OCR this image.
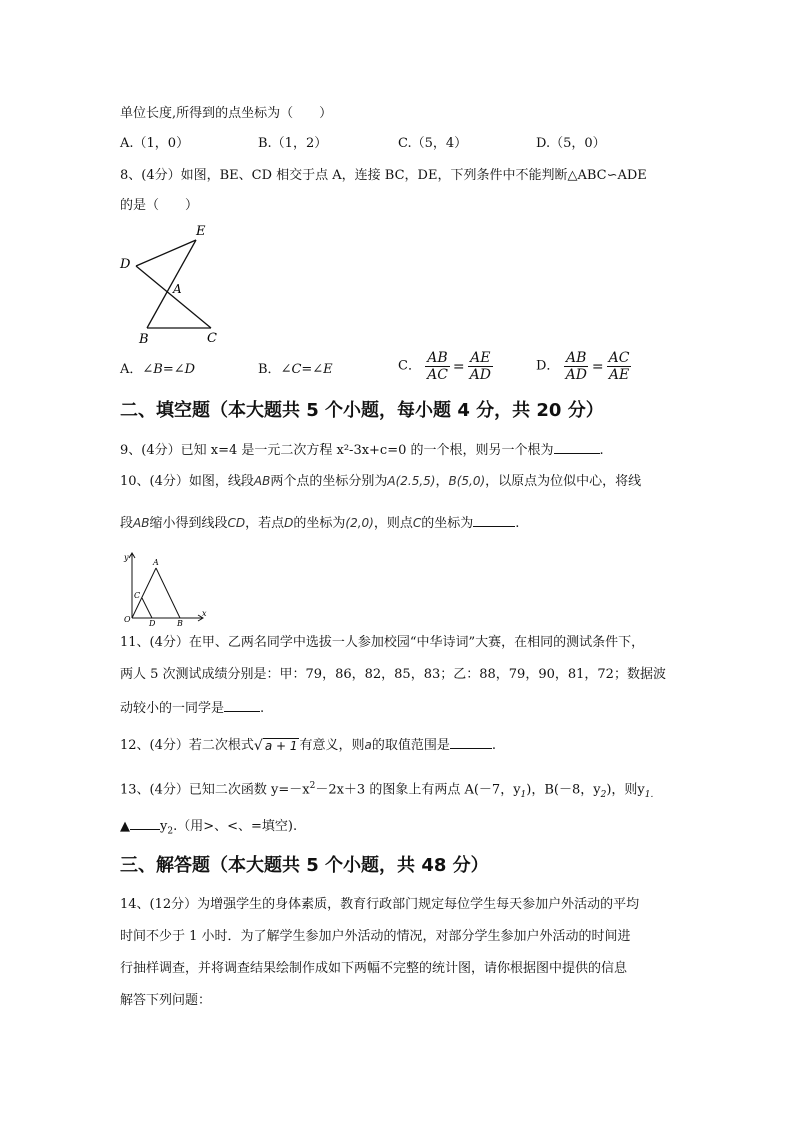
单位长度,所得到的点坐标为（　　）
A.（1，0）	B.（1，2）	C.（5，4）	D.（5，0）
8、(4分）如图，BE、CD 相交于点 A，连接 BC，DE，下列条件中不能判断△ABC∽ADE
的是（　　）
E
D
A
B	C
A．∠B=∠D	B．∠C=∠E	C． $\frac{AB}{AC} = \frac{AE}{AD}$	D． $\frac{AB}{AD} = \frac{AC}{AE}$
二、填空题（本大题共 5 个小题，每小题 4 分，共 20 分）
9、(4分）已知 x=4 是一元二次方程 x²-3x+c=0 的一个根，则另一个根为	.
10、(4分）如图，线段AB两个点的坐标分别为A(2.5,5)，B(5,0)，以原点为位似中心，将线
段AB缩小得到线段CD，若点D的坐标为(2,0)，则点C的坐标为	.
y
x
O
A
C
D	B
11、(4分）在甲、乙两名同学中选拔一人参加校园“中华诗词”大赛，在相同的测试条件下，
两人 5 次测试成绩分别是：甲：79，86，82，85，83；乙：88，79，90，81，72；数据波
动较小的一同学是	.
12、(4分）若二次根式√ a + 1 有意义，则a的取值范围是	.
13、(4分）已知二次函数 $y=-x^2-2x+3$ 的图象上有两点 A(－7，$y_1$)，B(－8，$y_2$)，则$y_{1.}$
▲ $y_2$.（用>、<、=填空).
三、解答题（本大题共 5 个小题，共 48 分）
14、(12分）为增强学生的身体素质，教育行政部门规定每位学生每天参加户外活动的平均
时间不少于 1 小时．为了解学生参加户外活动的情况，对部分学生参加户外活动的时间进
行抽样调查，并将调查结果绘制作成如下两幅不完整的统计图，请你根据图中提供的信息
解答下列问题：
